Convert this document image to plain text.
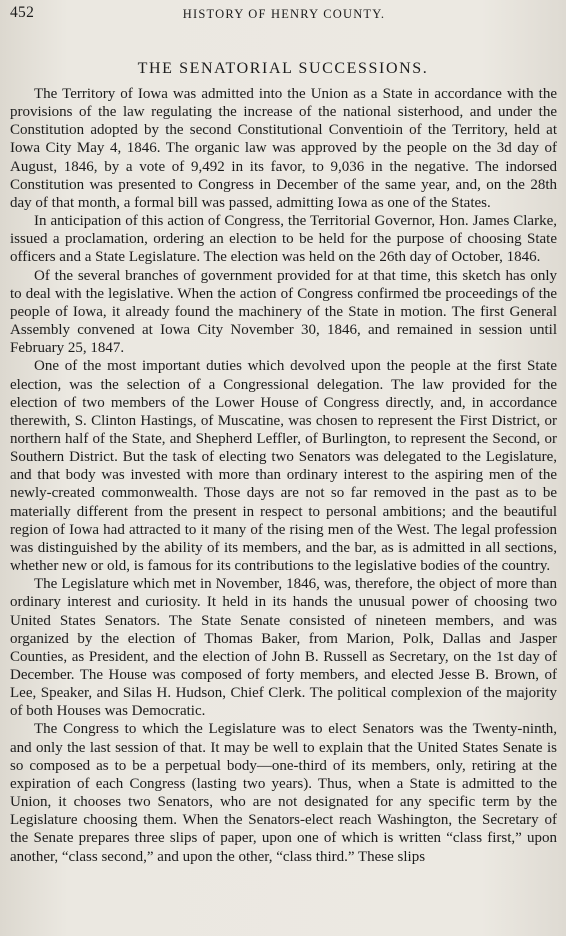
452	HISTORY OF HENRY COUNTY.
THE SENATORIAL SUCCESSIONS.

The Territory of Iowa was admitted into the Union as a State in accordance with the provisions of the law regulating the increase of the national sisterhood, and under the Constitution adopted by the second Constitutional Conventioin of the Territory, held at Iowa City May 4, 1846. The organic law was approved by the people on the 3d day of August, 1846, by a vote of 9,492 in its favor, to 9,036 in the negative. The indorsed Constitution was presented to Congress in December of the same year, and, on the 28th day of that month, a formal bill was passed, admitting Iowa as one of the States.

In anticipation of this action of Congress, the Territorial Governor, Hon. James Clarke, issued a proclamation, ordering an election to be held for the purpose of choosing State officers and a State Legislature. The election was held on the 26th day of October, 1846.

Of the several branches of government provided for at that time, this sketch has only to deal with the legislative. When the action of Congress confirmed tbe proceedings of the people of Iowa, it already found the machinery of the State in motion. The first General Assembly convened at Iowa City November 30, 1846, and remained in session until February 25, 1847.

One of the most important duties which devolved upon the people at the first State election, was the selection of a Congressional delegation. The law provided for the election of two members of the Lower House of Congress directly, and, in accordance therewith, S. Clinton Hastings, of Muscatine, was chosen to represent the First District, or northern half of the State, and Shepherd Leffler, of Burlington, to represent the Second, or Southern District. But the task of electing two Senators was delegated to the Legislature, and that body was invested with more than ordinary interest to the aspiring men of the newly-created commonwealth. Those days are not so far removed in the past as to be materially different from the present in respect to personal ambitions; and the beautiful region of Iowa had attracted to it many of the rising men of the West. The legal profession was distinguished by the ability of its members, and the bar, as is admitted in all sections, whether new or old, is famous for its contributions to the legislative bodies of the country.

The Legislature which met in November, 1846, was, therefore, the object of more than ordinary interest and curiosity. It held in its hands the unusual power of choosing two United States Senators. The State Senate consisted of nineteen members, and was organized by the election of Thomas Baker, from Marion, Polk, Dallas and Jasper Counties, as President, and the election of John B. Russell as Secretary, on the 1st day of December. The House was composed of forty members, and elected Jesse B. Brown, of Lee, Speaker, and Silas H. Hudson, Chief Clerk. The political complexion of the majority of both Houses was Democratic.

The Congress to which the Legislature was to elect Senators was the Twenty-ninth, and only the last session of that. It may be well to explain that the United States Senate is so composed as to be a perpetual body—one-third of its members, only, retiring at the expiration of each Congress (lasting two years). Thus, when a State is admitted to the Union, it chooses two Senators, who are not designated for any specific term by the Legislature choosing them. When the Senators-elect reach Washington, the Secretary of the Senate prepares three slips of paper, upon one of which is written “class first,” upon another, “class second,” and upon the other, “class third.” These slips
